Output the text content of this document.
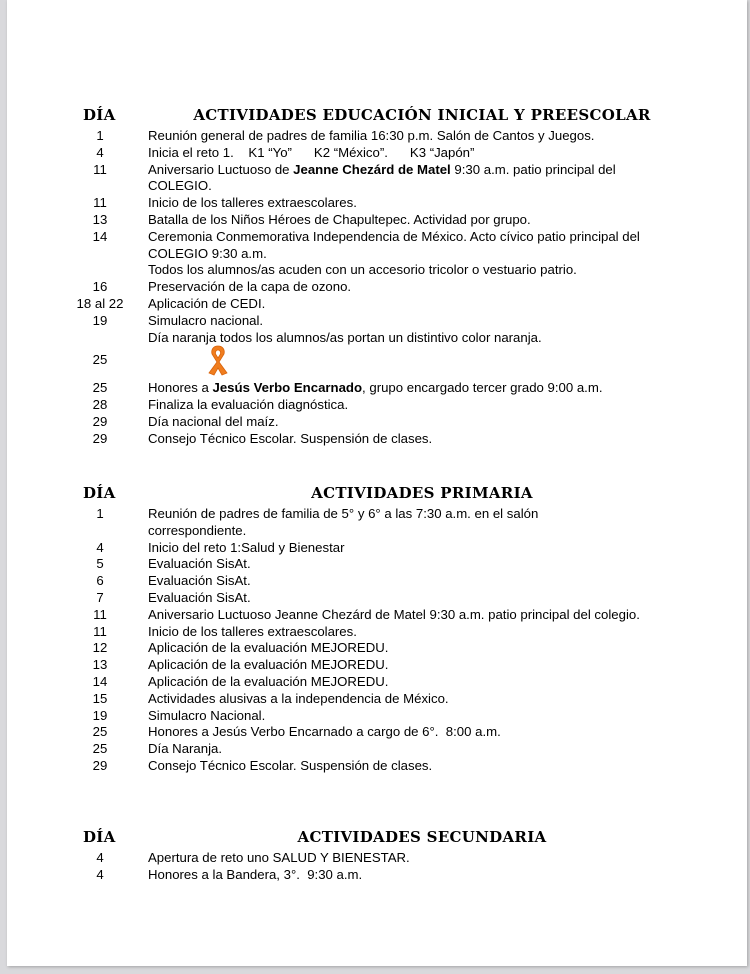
DÍA	ACTIVIDADES EDUCACIÓN INICIAL Y PREESCOLAR
1	Reunión general de padres de familia 16:30 p.m. Salón de Cantos y Juegos.
4	Inicia el reto 1.    K1 “Yo”      K2 “México”.      K3 “Japón”
11	Aniversario Luctuoso de Jeanne Chezárd de Matel 9:30 a.m. patio principal del COLEGIO.
11	Inicio de los talleres extraescolares.
13	Batalla de los Niños Héroes de Chapultepec. Actividad por grupo.
14	Ceremonia Conmemorativa Independencia de México. Acto cívico patio principal del COLEGIO 9:30 a.m.
Todos los alumnos/as acuden con un accesorio tricolor o vestuario patrio.
16	Preservación de la capa de ozono.
18 al 22	Aplicación de CEDI.
19	Simulacro nacional.
Día naranja todos los alumnos/as portan un distintivo color naranja.
25
25	Honores a Jesús Verbo Encarnado, grupo encargado tercer grado 9:00 a.m.
28	Finaliza la evaluación diagnóstica.
29	Día nacional del maíz.
29	Consejo Técnico Escolar. Suspensión de clases.
DÍA	ACTIVIDADES PRIMARIA
1	Reunión de padres de familia de 5° y 6° a las 7:30 a.m. en el salón correspondiente.
4	Inicio del reto 1:Salud y Bienestar
5	Evaluación SisAt.
6	Evaluación SisAt.
7	Evaluación SisAt.
11	Aniversario Luctuoso Jeanne Chezárd de Matel 9:30 a.m. patio principal del colegio.
11	Inicio de los talleres extraescolares.
12	Aplicación de la evaluación MEJOREDU.
13	Aplicación de la evaluación MEJOREDU.
14	Aplicación de la evaluación MEJOREDU.
15	Actividades alusivas a la independencia de México.
19	Simulacro Nacional.
25	Honores a Jesús Verbo Encarnado a cargo de 6°.  8:00 a.m.
25	Día Naranja.
29	Consejo Técnico Escolar. Suspensión de clases.
DÍA	ACTIVIDADES SECUNDARIA
4	Apertura de reto uno SALUD Y BIENESTAR.
4	Honores a la Bandera, 3°.  9:30 a.m.
